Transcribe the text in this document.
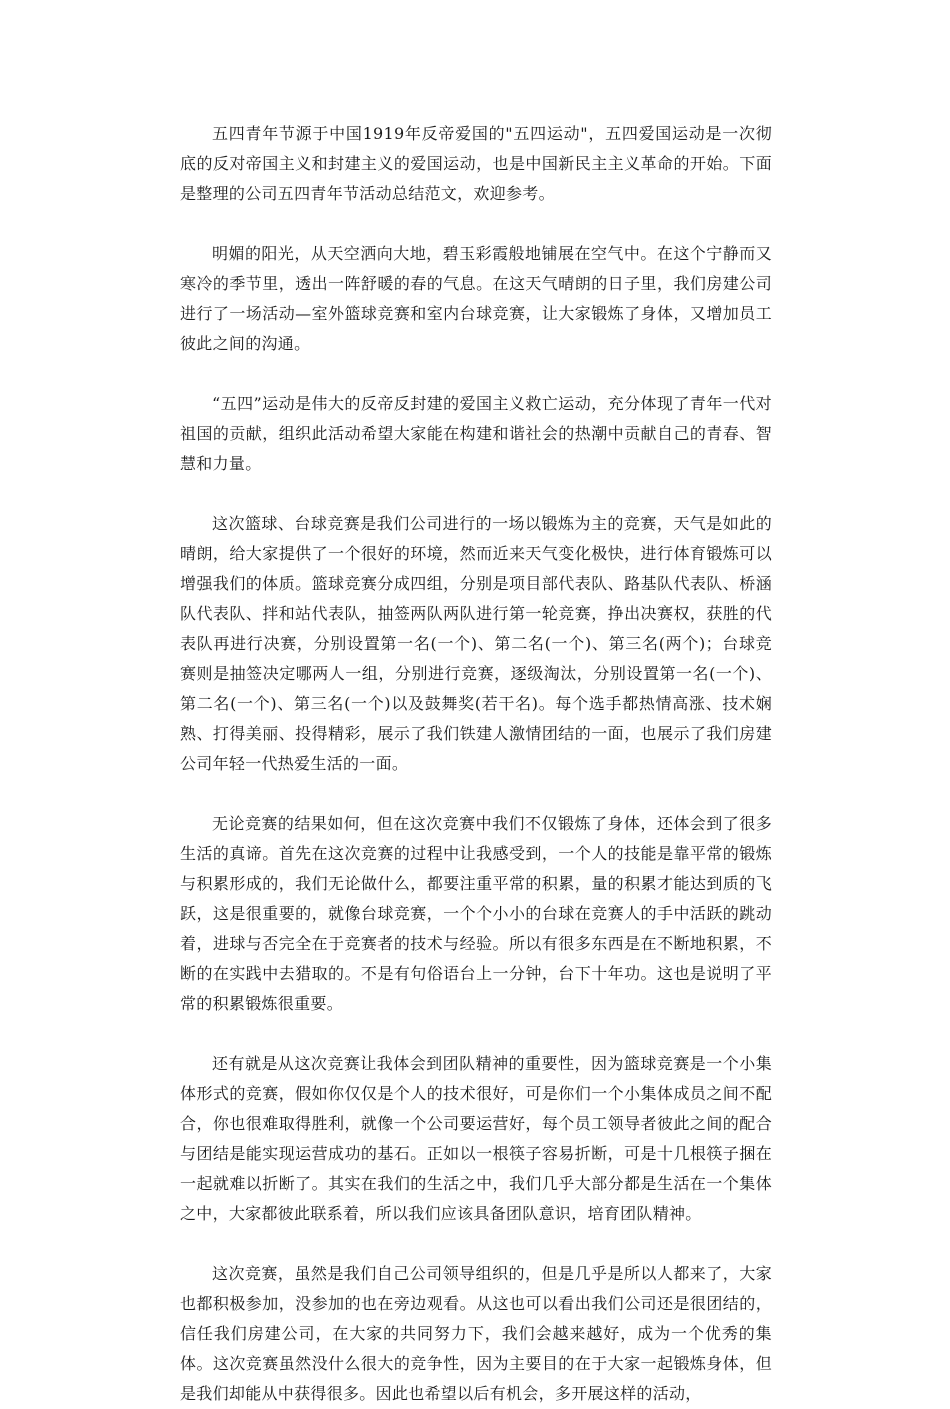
五四青年节源于中国1919年反帝爱国的"五四运动"，五四爱国运动是一次彻底的反对帝国主义和封建主义的爱国运动，也是中国新民主主义革命的开始。下面是整理的公司五四青年节活动总结范文，欢迎参考。

明媚的阳光，从天空洒向大地，碧玉彩霞般地铺展在空气中。在这个宁静而又寒冷的季节里，透出一阵舒暖的春的气息。在这天气晴朗的日子里，我们房建公司进行了一场活动—室外篮球竞赛和室内台球竞赛，让大家锻炼了身体，又增加员工彼此之间的沟通。

“五四”运动是伟大的反帝反封建的爱国主义救亡运动，充分体现了青年一代对祖国的贡献，组织此活动希望大家能在构建和谐社会的热潮中贡献自己的青春、智慧和力量。

这次篮球、台球竞赛是我们公司进行的一场以锻炼为主的竞赛，天气是如此的晴朗，给大家提供了一个很好的环境，然而近来天气变化极快，进行体育锻炼可以增强我们的体质。篮球竞赛分成四组，分别是项目部代表队、路基队代表队、桥涵队代表队、拌和站代表队，抽签两队两队进行第一轮竞赛，挣出决赛权，获胜的代表队再进行决赛，分别设置第一名(一个)、第二名(一个)、第三名(两个)；台球竞赛则是抽签决定哪两人一组，分别进行竞赛，逐级淘汰，分别设置第一名(一个)、第二名(一个)、第三名(一个)以及鼓舞奖(若干名)。每个选手都热情高涨、技术娴熟、打得美丽、投得精彩，展示了我们铁建人激情团结的一面，也展示了我们房建公司年轻一代热爱生活的一面。

无论竞赛的结果如何，但在这次竞赛中我们不仅锻炼了身体，还体会到了很多生活的真谛。首先在这次竞赛的过程中让我感受到，一个人的技能是靠平常的锻炼与积累形成的，我们无论做什么，都要注重平常的积累，量的积累才能达到质的飞跃，这是很重要的，就像台球竞赛，一个个小小的台球在竞赛人的手中活跃的跳动着，进球与否完全在于竞赛者的技术与经验。所以有很多东西是在不断地积累，不断的在实践中去猎取的。不是有句俗语台上一分钟，台下十年功。这也是说明了平常的积累锻炼很重要。

还有就是从这次竞赛让我体会到团队精神的重要性，因为篮球竞赛是一个小集体形式的竞赛，假如你仅仅是个人的技术很好，可是你们一个小集体成员之间不配合，你也很难取得胜利，就像一个公司要运营好，每个员工领导者彼此之间的配合与团结是能实现运营成功的基石。正如以一根筷子容易折断，可是十几根筷子捆在一起就难以折断了。其实在我们的生活之中，我们几乎大部分都是生活在一个集体之中，大家都彼此联系着，所以我们应该具备团队意识，培育团队精神。

这次竞赛，虽然是我们自己公司领导组织的，但是几乎是所以人都来了，大家也都积极参加，没参加的也在旁边观看。从这也可以看出我们公司还是很团结的，信任我们房建公司，在大家的共同努力下，我们会越来越好，成为一个优秀的集体。这次竞赛虽然没什么很大的竞争性，因为主要目的在于大家一起锻炼身体，但是我们却能从中获得很多。因此也希望以后有机会，多开展这样的活动，
